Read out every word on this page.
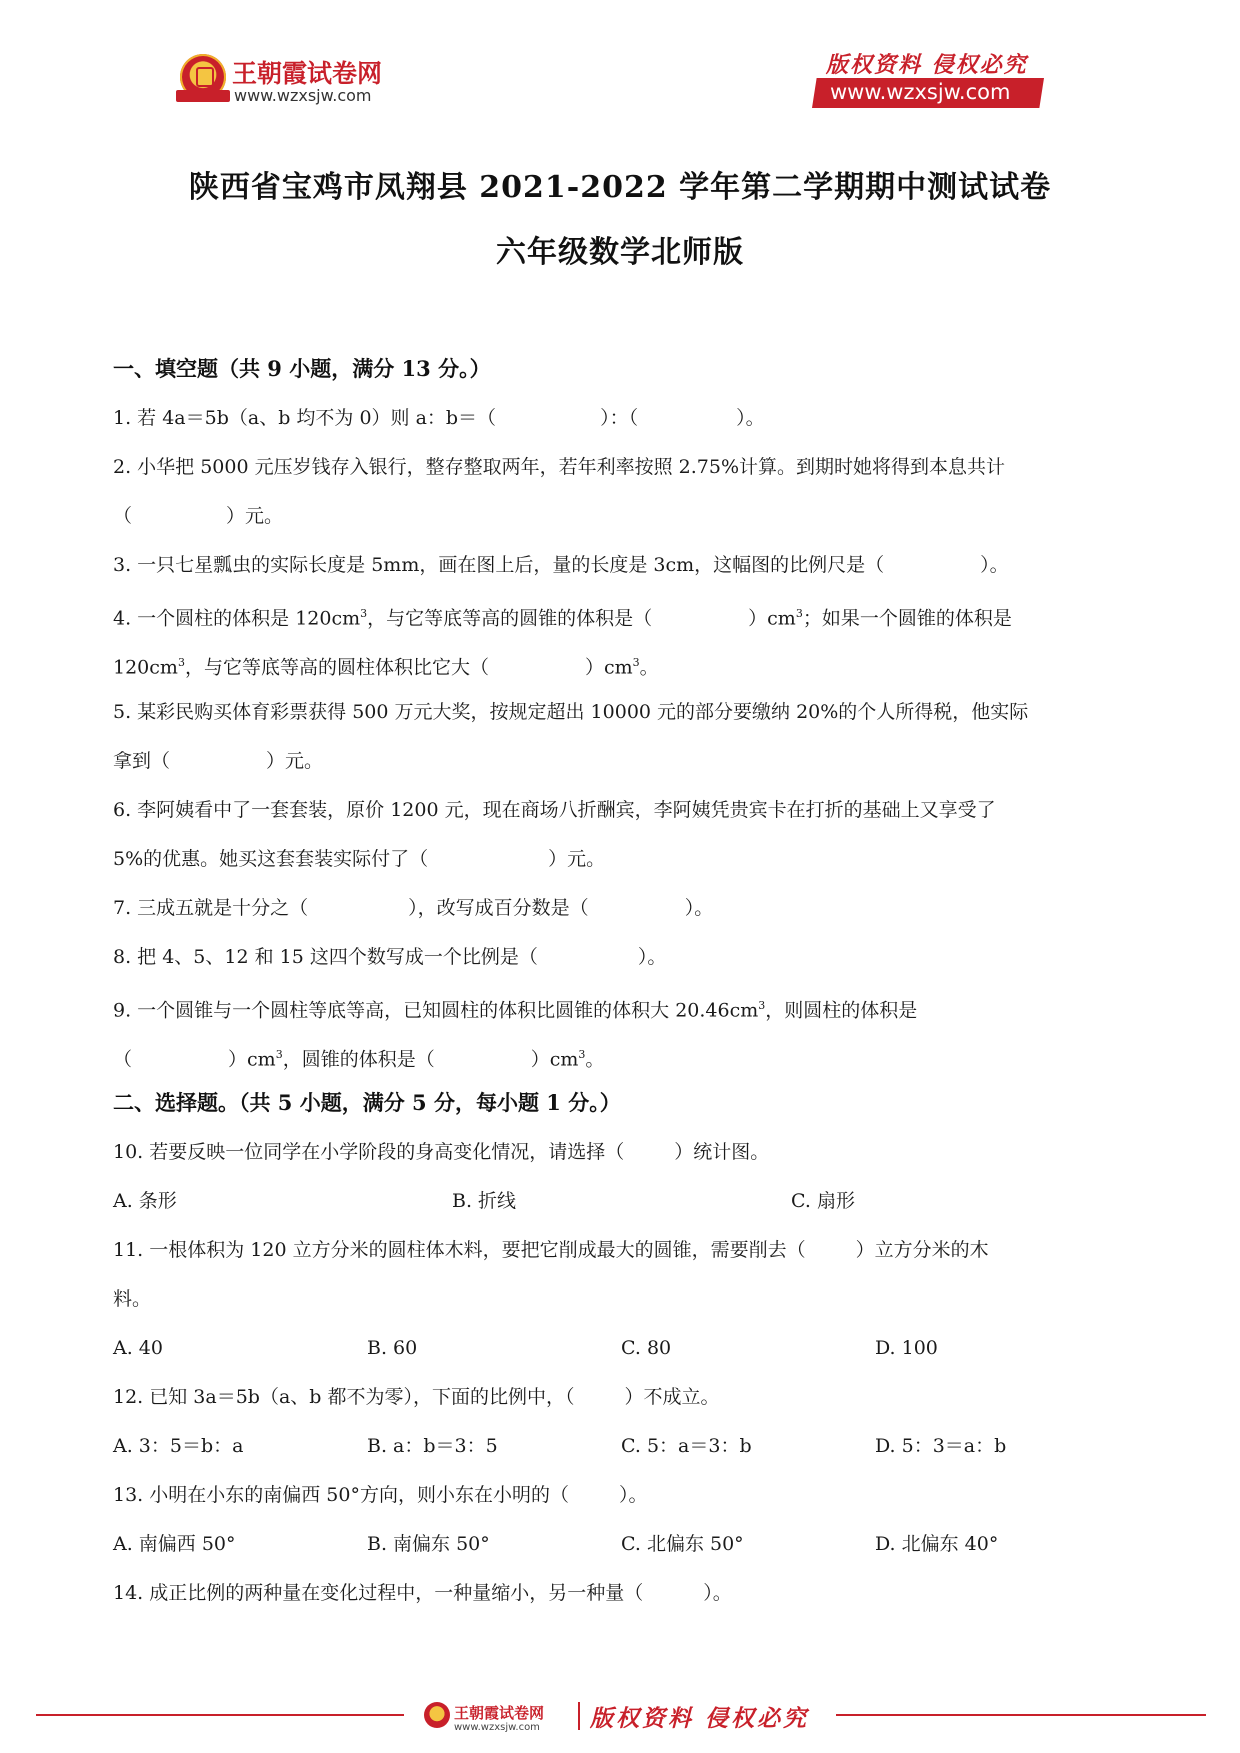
王朝霞试卷网
www.wzxsjw.com
版权资料 侵权必究
www.wzxsjw.com
陕西省宝鸡市凤翔县 2021-2022 学年第二学期期中测试试卷
六年级数学北师版
一、填空题（共 9 小题，满分 13 分。）
1. 若 4a＝5b（a、b 均不为 0）则 a：b＝（	）：（	）。
2. 小华把 5000 元压岁钱存入银行，整存整取两年，若年利率按照 2.75%计算。到期时她将得到本息共计
（	）元。
3. 一只七星瓢虫的实际长度是 5mm，画在图上后，量的长度是 3cm，这幅图的比例尺是（	）。
4. 一个圆柱的体积是 $120cm^3$，与它等底等高的圆锥的体积是（	）$cm^3$；如果一个圆锥的体积是
$120cm^3$，与它等底等高的圆柱体积比它大（	）$cm^3$。
5. 某彩民购买体育彩票获得 500 万元大奖，按规定超出 10000 元的部分要缴纳 20%的个人所得税，他实际
拿到（	）元。
6. 李阿姨看中了一套套装，原价 1200 元，现在商场八折酬宾，李阿姨凭贵宾卡在打折的基础上又享受了
5%的优惠。她买这套套装实际付了（	）元。
7. 三成五就是十分之（	），改写成百分数是（	）。
8. 把 4、5、12 和 15 这四个数写成一个比例是（	）。
9. 一个圆锥与一个圆柱等底等高，已知圆柱的体积比圆锥的体积大 $20.46cm^3$，则圆柱的体积是
（	）$cm^3$，圆锥的体积是（	）$cm^3$。
二、选择题。（共 5 小题，满分 5 分，每小题 1 分。）
10. 若要反映一位同学在小学阶段的身高变化情况，请选择（	）统计图。
A. 条形	B. 折线	C. 扇形
11. 一根体积为 120 立方分米的圆柱体木料，要把它削成最大的圆锥，需要削去（	）立方分米的木
料。
A. 40	B. 60	C. 80	D. 100
12. 已知 3a＝5b（a、b 都不为零），下面的比例中，（	）不成立。
A. 3：5＝b：a	B. a：b＝3：5	C. 5：a＝3：b	D. 5：3＝a：b
13. 小明在小东的南偏西 50°方向，则小东在小明的（	）。
A. 南偏西 50°	B. 南偏东 50°	C. 北偏东 50°	D. 北偏东 40°
14. 成正比例的两种量在变化过程中，一种量缩小，另一种量（	）。
王朝霞试卷网
www.wzxsjw.com 版权资料 侵权必究
